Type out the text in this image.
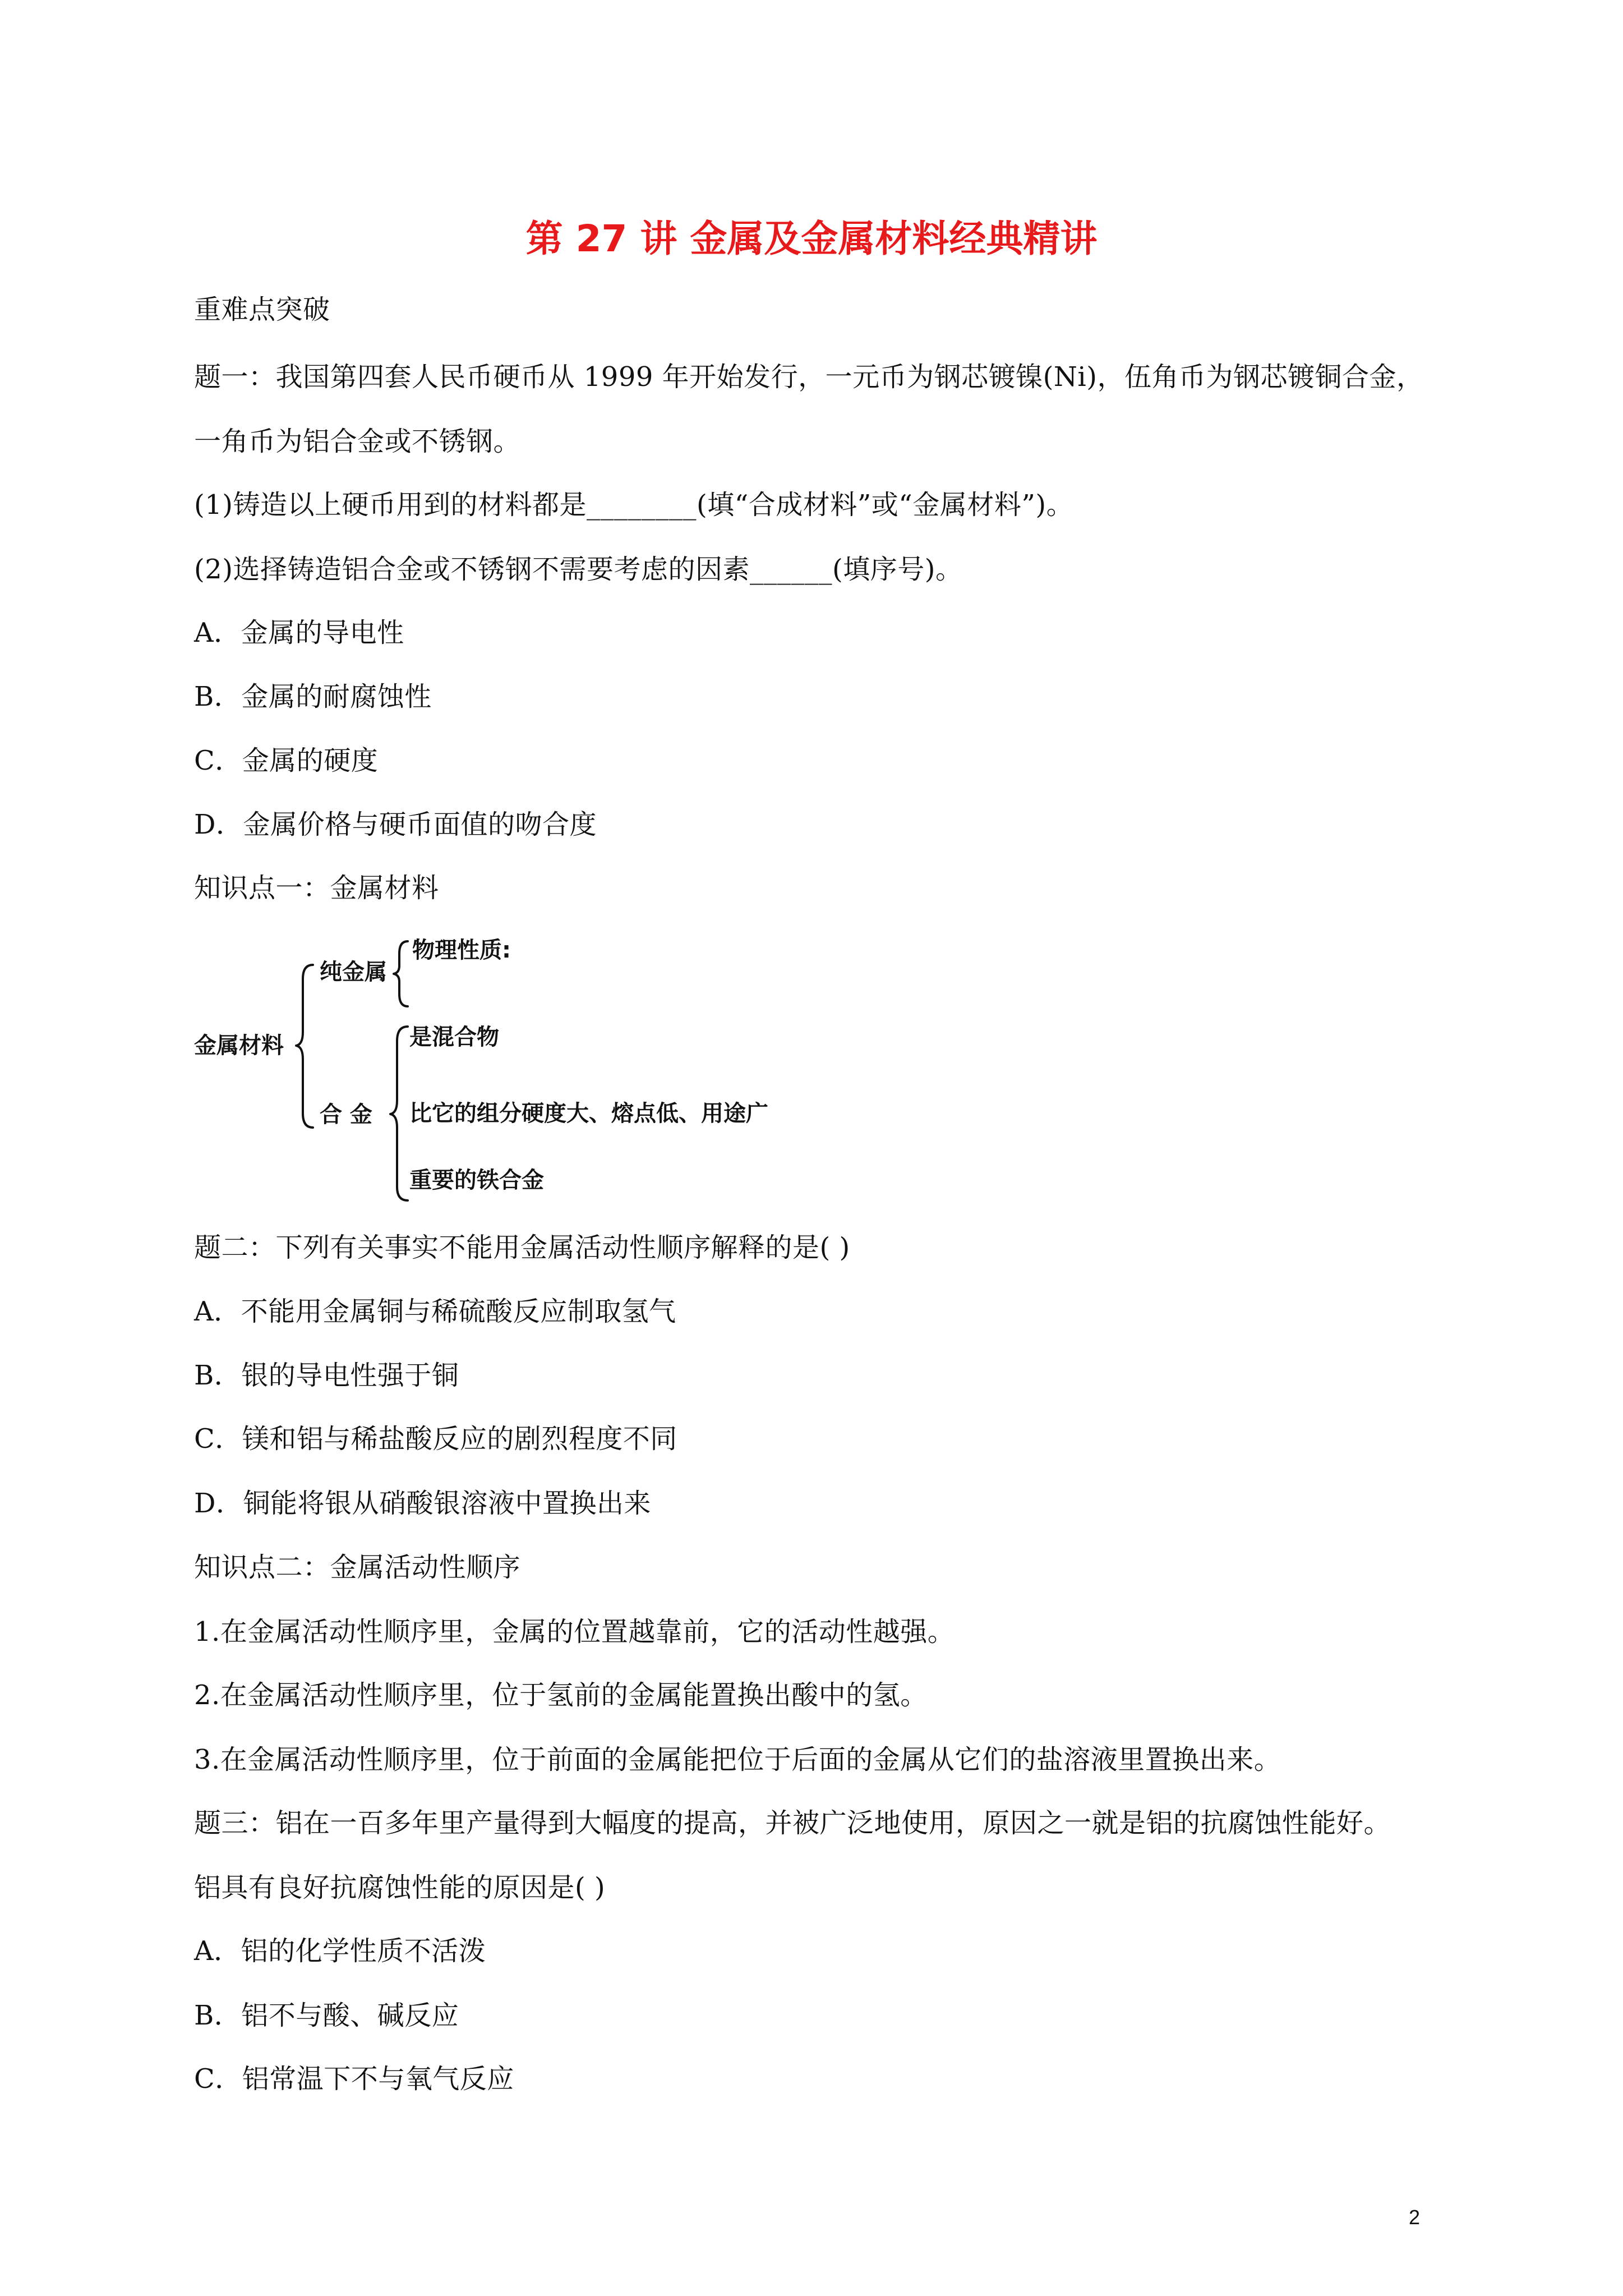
第 27 讲 金属及金属材料经典精讲
重难点突破
题一：我国第四套人民币硬币从 1999 年开始发行，一元币为钢芯镀镍(Ni)，伍角币为钢芯镀铜合金，
一角币为铝合金或不锈钢。
(1)铸造以上硬币用到的材料都是________(填“合成材料”或“金属材料”)。
(2)选择铸造铝合金或不锈钢不需要考虑的因素______(填序号)。
A．金属的导电性
B．金属的耐腐蚀性
C．金属的硬度
D．金属价格与硬币面值的吻合度
知识点一：金属材料
金属材料
纯金属
物理性质:
合 金
是混合物
比它的组分硬度大、熔点低、用途广
重要的铁合金
题二：下列有关事实不能用金属活动性顺序解释的是( )
A．不能用金属铜与稀硫酸反应制取氢气
B．银的导电性强于铜
C．镁和铝与稀盐酸反应的剧烈程度不同
D．铜能将银从硝酸银溶液中置换出来
知识点二：金属活动性顺序
1.在金属活动性顺序里，金属的位置越靠前，它的活动性越强。
2.在金属活动性顺序里，位于氢前的金属能置换出酸中的氢。
3.在金属活动性顺序里，位于前面的金属能把位于后面的金属从它们的盐溶液里置换出来。
题三：铝在一百多年里产量得到大幅度的提高，并被广泛地使用，原因之一就是铝的抗腐蚀性能好。
铝具有良好抗腐蚀性能的原因是( )
A．铝的化学性质不活泼
B．铝不与酸、碱反应
C．铝常温下不与氧气反应
2
